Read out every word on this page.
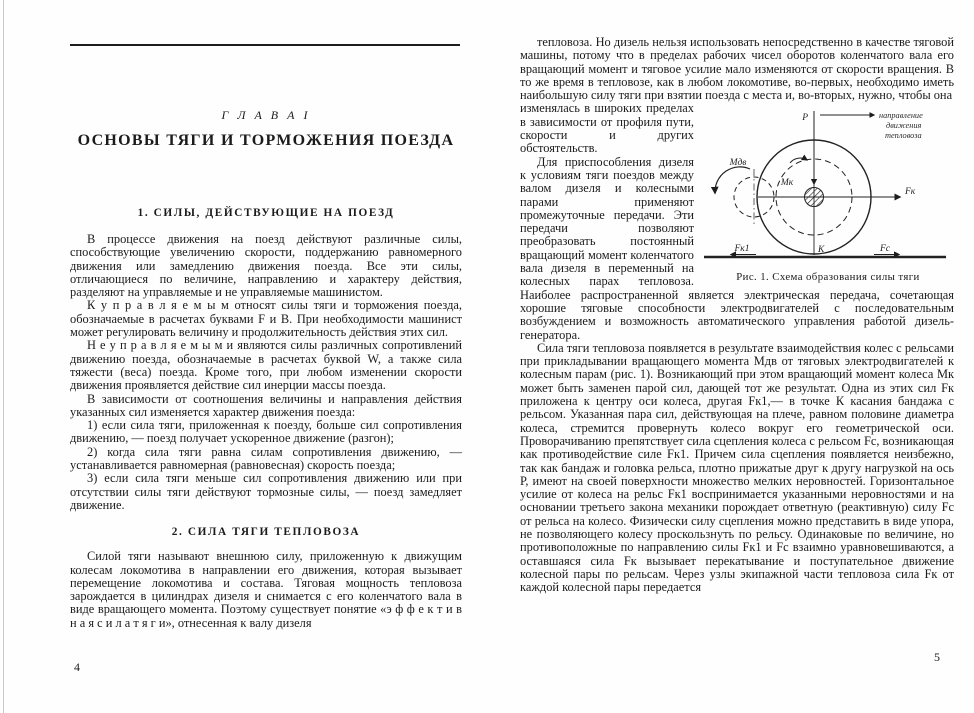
Г Л А В А I
ОСНОВЫ ТЯГИ И ТОРМОЖЕНИЯ ПОЕЗДА
1. СИЛЫ, ДЕЙСТВУЮЩИЕ НА ПОЕЗД

В процессе движения на поезд действуют различные силы, способствующие увеличению скорости, поддержанию равномерного движения или замедлению движения поезда. Все эти силы, отличающиеся по величине, направлению и характеру действия, разделяют на управляемые и не управляемые машинистом.

К у п р а в л я е м ы м относят силы тяги и торможения поезда, обозначаемые в расчетах буквами F и В. При необходимости машинист может регулировать величину и продолжительность действия этих сил.

Н е у п р а в л я е м ы м и являются силы различных сопротивлений движению поезда, обозначаемые в расчетах буквой W, а также сила тяжести (веса) поезда. Кроме того, при любом изменении скорости движения проявляется действие сил инерции массы поезда.

В зависимости от соотношения величины и направления действия указанных сил изменяется характер движения поезда:

1) если сила тяги, приложенная к поезду, больше сил сопротивления движению, — поезд получает ускоренное движение (разгон);

2) когда сила тяги равна силам сопротивления движению, — устанавливается равномерная (равновесная) скорость поезда;

3) если сила тяги меньше сил сопротивления движению или при отсутствии силы тяги действуют тормозные силы, — поезд замедляет движение.

2. СИЛА ТЯГИ ТЕПЛОВОЗА

Силой тяги называют внешнюю силу, приложенную к движущим колесам локомотива в направлении его движения, которая вызывает перемещение локомотива и состава. Тяговая мощность тепловоза зарождается в цилиндрах дизеля и снимается с его коленчатого вала в виде вращающего момента. Поэтому существует понятие «э ф ф е к т и в н а я с и л а т я г и», отнесенная к валу дизеля

тепловоза. Но дизель нельзя использовать непосредственно в качестве тяговой машины, потому что в пределах рабочих чисел оборотов коленчатого вала его вращающий момент и тяговое усилие мало изменяются от скорости вращения. В то же время в тепловозе, как в любом локомотиве, во-первых, необходимо иметь наибольшую силу тяги при взятии поезда с места и, во-вторых, нужно, чтобы она

P	направление
движения
тепловоза
Fк
Мдв
Мк
Fк1	К	Fс
Рис. 1. Схема образования силы тяги

изменялась в широких пределах в зависимости от профиля пути, скорости и других обстоятельств.

Для приспособления дизеля к условиям тяги поездов между валом дизеля и колесными парами применяют промежуточные передачи. Эти передачи позволяют преобразовать постоянный вращающий момент коленчатого вала дизеля в переменный на колесных парах тепловоза. Наиболее распространенной является электрическая передача, сочетающая хорошие тяговые способности электродвигателей с последовательным возбуждением и возможность автоматического управления работой дизель-генератора.

Сила тяги тепловоза появляется в результате взаимодействия колес с рельсами при прикладывании вращающего момента Мдв от тяговых электродвигателей к колесным парам (рис. 1). Возникающий при этом вращающий момент колеса Мк может быть заменен парой сил, дающей тот же результат. Одна из этих сил Fк приложена к центру оси колеса, другая Fк1,— в точке К касания бандажа с рельсом. Указанная пара сил, действующая на плече, равном половине диаметра колеса, стремится провернуть колесо вокруг его геометрической оси. Проворачиванию препятствует сила сцепления колеса с рельсом Fс, возникающая как противодействие силе Fк1. Причем сила сцепления появляется неизбежно, так как бандаж и головка рельса, плотно прижатые друг к другу нагрузкой на ось Р, имеют на своей поверхности множество мелких неровностей. Горизонтальное усилие от колеса на рельс Fк1 воспринимается указанными неровностями и на основании третьего закона механики порождает ответную (реактивную) силу Fс от рельса на колесо. Физически силу сцепления можно представить в виде упора, не позволяющего колесу проскользнуть по рельсу. Одинаковые по величине, но противоположные по направлению силы Fк1 и Fс взаимно уравновешиваются, а оставшаяся сила Fк вызывает перекатывание и поступательное движение колесной пары по рельсам. Через узлы экипажной части тепловоза сила Fк от каждой колесной пары передается

4
5
